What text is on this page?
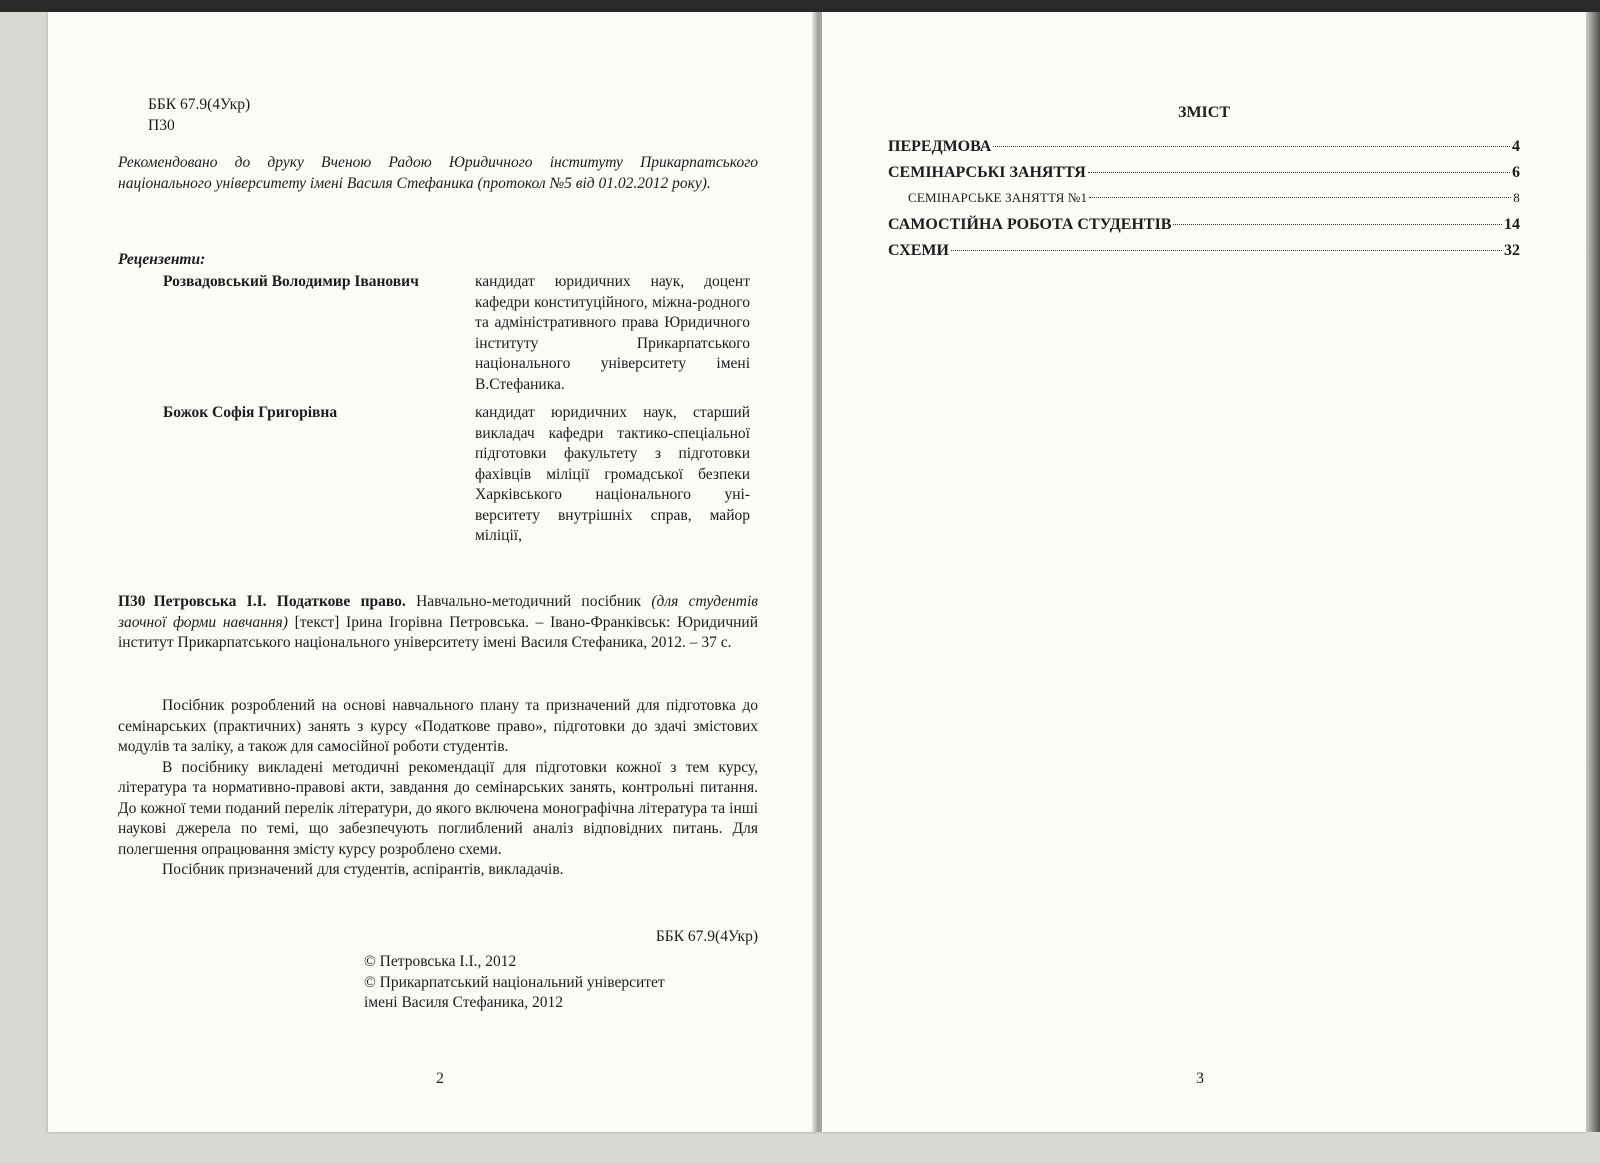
ББК 67.9(4Укр)
П30
Рекомендовано до друку Вченою Радою Юридичного інституту Прикарпатського національного університету імені Василя Стефаника (протокол №5 від 01.02.2012 року).
Рецензенти:
Розвадовський Володимир Іванович	кандидат юридичних наук, доцент кафедри конституційного, міжна-родного та адміністративного права Юридичного інституту Прикарпатського національного університету імені В.Стефаника.
Божок Софія Григорівна	кандидат юридичних наук, старший викладач кафедри тактико-спеціальної підготовки факультету з підготовки фахівців міліції громадської безпеки Харківського національного уні-верситету внутрішніх справ, майор міліції,
П30 Петровська І.І. Податкове право. Навчально-методичний посібник (для студентів заочної форми навчання) [текст] Ірина Ігорівна Петровська. – Івано-Франківськ: Юридичний інститут Прикарпатського національного університету імені Василя Стефаника, 2012. – 37 с.

Посібник розроблений на основі навчального плану та призначений для підготовка до семінарських (практичних) занять з курсу «Податкове право», підготовки до здачі змістових модулів та заліку, а також для самосійної роботи студентів.

В посібнику викладені методичні рекомендації для підготовки кожної з тем курсу, література та нормативно-правові акти, завдання до семінарських занять, контрольні питання. До кожної теми поданий перелік літератури, до якого включена монографічна література та інші наукові джерела по темі, що забезпечують поглиблений аналіз відповідних питань. Для полегшення опрацювання змісту курсу розроблено схеми.

Посібник призначений для студентів, аспірантів, викладачів.

ББК 67.9(4Укр)
© Петровська І.І., 2012
© Прикарпатський національний університет
імені Василя Стефаника, 2012
2
ЗМІСТ
ПЕРЕДМОВА	4
СЕМІНАРСЬКІ ЗАНЯТТЯ	6
СЕМІНАРСЬКЕ ЗАНЯТТЯ №1	8
САМОСТІЙНА РОБОТА СТУДЕНТІВ	14
СХЕМИ	32
3
